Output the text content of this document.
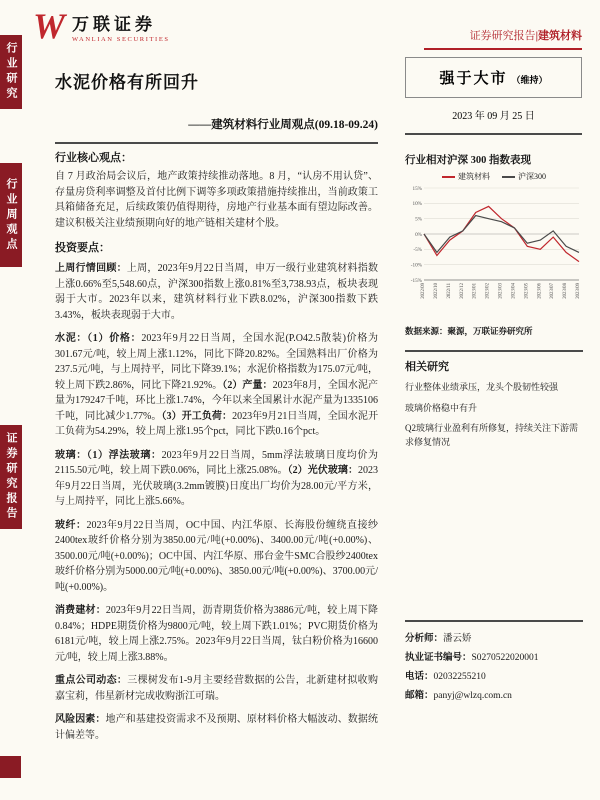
行业研究
行业周观点
证券研究报告
W 万联证券
WANLIAN SECURITIES	证券研究报告|建筑材料
水泥价格有所回升
——建筑材料行业周观点(09.18-09.24)
强于大市 （维持）
2023 年 09 月 25 日
行业核心观点：
自 7 月政治局会议后，地产政策持续推动落地。8 月，“认房不用认贷”、存量房贷利率调整及首付比例下调等多项政策措施持续推出，当前政策工具箱储备充足，后续政策仍值得期待，房地产行业基本面有望边际改善。建议积极关注业绩预期向好的地产链相关建材个股。
投资要点：

上周行情回顾：上周，2023年9月22日当周，申万一级行业建筑材料指数上涨0.66%至5,548.60点，沪深300指数上涨0.81%至3,738.93点，板块表现弱于大市。2023年以来，建筑材料行业下跌8.02%，沪深300指数下跌3.43%，板块表现弱于大市。

水泥：（1）价格：2023年9月22日当周，全国水泥(P.O42.5散装)价格为301.67元/吨，较上周上涨1.12%，同比下降20.82%。全国熟料出厂价格为237.5元/吨，与上周持平，同比下降39.1%；水泥价格指数为175.07元/吨，较上周下跌2.86%，同比下降21.92%。（2）产量：2023年8月，全国水泥产量为179247千吨，环比上涨1.74%，今年以来全国累计水泥产量为1335106千吨，同比减少1.77%。（3）开工负荷：2023年9月21日当周，全国水泥开工负荷为54.29%，较上周上涨1.95个pct，同比下跌0.16个pct。

玻璃：（1）浮法玻璃：2023年9月22日当周，5mm浮法玻璃日度均价为2115.50元/吨，较上周下跌0.06%，同比上涨25.08%。（2）光伏玻璃：2023年9月22日当周，光伏玻璃(3.2mm镀膜)日度出厂均价为28.00元/平方米，与上周持平，同比上涨5.66%。

玻纤：2023年9月22日当周，OC中国、内江华原、长海股份缠绕直接纱2400tex玻纤价格分别为3850.00元/吨(+0.00%)、3400.00元/吨(+0.00%)、3500.00元/吨(+0.00%)；OC中国、内江华原、邢台金牛SMC合股纱2400tex玻纤价格分别为5000.00元/吨(+0.00%)、3850.00元/吨(+0.00%)、3700.00元/吨(+0.00%)。

消费建材：2023年9月22日当周，沥青期货价格为3886元/吨，较上周下降0.84%；HDPE期货价格为9800元/吨，较上周下跌1.01%；PVC期货价格为6181元/吨，较上周上涨2.75%。2023年9月22日当周，钛白粉价格为16600元/吨，较上周上涨3.88%。

重点公司动态：三棵树发布1-9月主要经营数据的公告，北新建材拟收购嘉宝莉，伟星新材完成收购浙江可瑞。

风险因素：地产和基建投资需求不及预期、原材料价格大幅波动、数据统计偏差等。

行业相对沪深 300 指数表现
建筑材料	沪深300
15%
10%
5%
0%
-5%
-10%
-15%
2022/09 2022/10 2022/11 2022/12 2023/01 2023/02 2023/03 2023/04 2023/05 2023/06 2023/07 2023/08 2023/09
数据来源：聚源，万联证券研究所
相关研究
行业整体业绩承压，龙头个股韧性较强
玻璃价格稳中有升
Q2玻璃行业盈利有所修复，持续关注下游需求修复情况
分析师：潘云娇
执业证书编号：S0270522020001
电话：02032255210
邮箱：panyj@wlzq.com.cn
